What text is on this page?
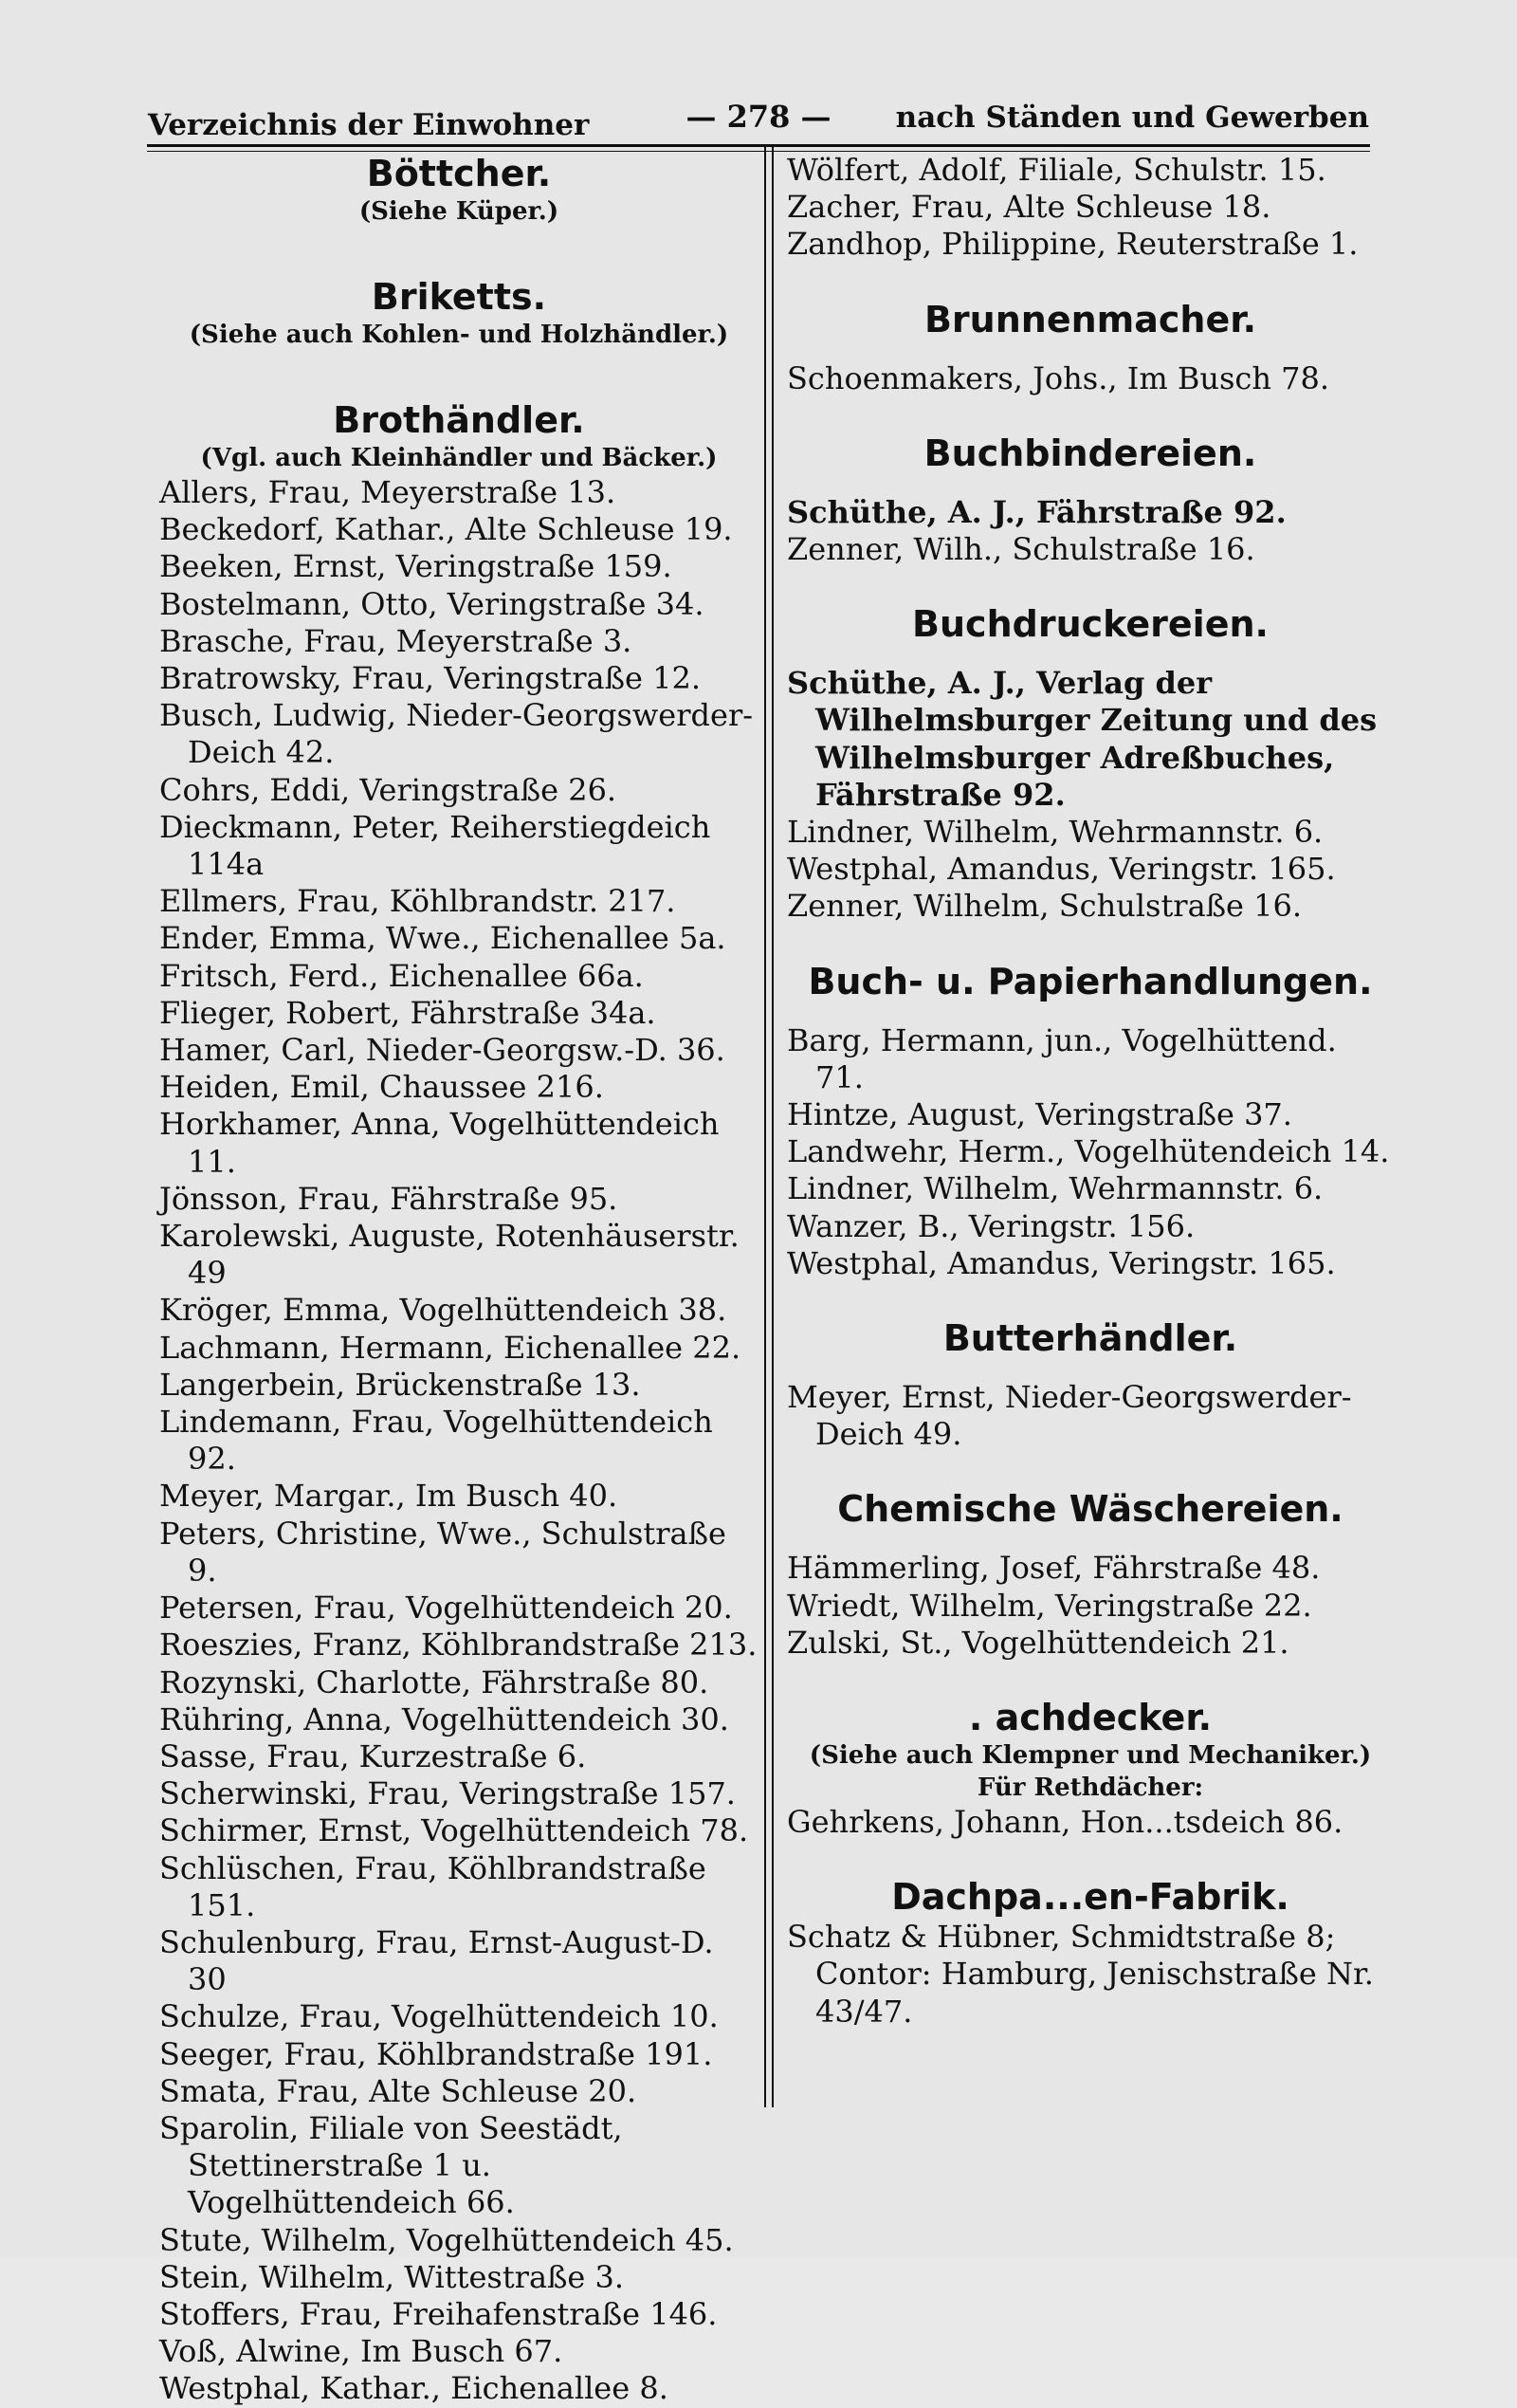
Verzeichnis der Einwohner	— 278 —	nach Ständen und Gewerben

Böttcher.

(Siehe Küper.)

Briketts.

(Siehe auch Kohlen- und Holzhändler.)

Brothändler.

(Vgl. auch Kleinhändler und Bäcker.)

Allers, Frau, Meyerstraße 13.

Beckedorf, Kathar., Alte Schleuse 19.

Beeken, Ernst, Veringstraße 159.

Bostelmann, Otto, Veringstraße 34.

Brasche, Frau, Meyerstraße 3.

Bratrowsky, Frau, Veringstraße 12.

Busch, Ludwig, Nieder-Georgswerder-Deich 42.

Cohrs, Eddi, Veringstraße 26.

Dieckmann, Peter, Reiherstiegdeich 114a

Ellmers, Frau, Köhlbrandstr. 217.

Ender, Emma, Wwe., Eichenallee 5a.

Fritsch, Ferd., Eichenallee 66a.

Flieger, Robert, Fährstraße 34a.

Hamer, Carl, Nieder-Georgsw.-D. 36.

Heiden, Emil, Chaussee 216.

Horkhamer, Anna, Vogelhüttendeich 11.

Jönsson, Frau, Fährstraße 95.

Karolewski, Auguste, Rotenhäuserstr. 49

Kröger, Emma, Vogelhüttendeich 38.

Lachmann, Hermann, Eichenallee 22.

Langerbein, Brückenstraße 13.

Lindemann, Frau, Vogelhüttendeich 92.

Meyer, Margar., Im Busch 40.

Peters, Christine, Wwe., Schulstraße 9.

Petersen, Frau, Vogelhüttendeich 20.

Roeszies, Franz, Köhlbrandstraße 213.

Rozynski, Charlotte, Fährstraße 80.

Rühring, Anna, Vogelhüttendeich 30.

Sasse, Frau, Kurzestraße 6.

Scherwinski, Frau, Veringstraße 157.

Schirmer, Ernst, Vogelhüttendeich 78.

Schlüschen, Frau, Köhlbrandstraße 151.

Schulenburg, Frau, Ernst-August-D. 30

Schulze, Frau, Vogelhüttendeich 10.

Seeger, Frau, Köhlbrandstraße 191.

Smata, Frau, Alte Schleuse 20.

Sparolin, Filiale von Seestädt, Stettinerstraße 1 u. Vogelhüttendeich 66.

Stute, Wilhelm, Vogelhüttendeich 45.

Stein, Wilhelm, Wittestraße 3.

Stoffers, Frau, Freihafenstraße 146.

Voß, Alwine, Im Busch 67.

Westphal, Kathar., Eichenallee 8.

Wölfert, Adolf, Filiale, Schulstr. 15.

Zacher, Frau, Alte Schleuse 18.

Zandhop, Philippine, Reuterstraße 1.

Brunnenmacher.

Schoenmakers, Johs., Im Busch 78.

Buchbindereien.

Schüthe, A. J., Fährstraße 92.

Zenner, Wilh., Schulstraße 16.

Buchdruckereien.

Schüthe, A. J., Verlag der Wilhelmsburger Zeitung und des Wilhelmsburger Adreßbuches, Fährstraße 92.

Lindner, Wilhelm, Wehrmannstr. 6.

Westphal, Amandus, Veringstr. 165.

Zenner, Wilhelm, Schulstraße 16.

Buch- u. Papierhandlungen.

Barg, Hermann, jun., Vogelhüttend. 71.

Hintze, August, Veringstraße 37.

Landwehr, Herm., Vogelhütendeich 14.

Lindner, Wilhelm, Wehrmannstr. 6.

Wanzer, B., Veringstr. 156.

Westphal, Amandus, Veringstr. 165.

Butterhändler.

Meyer, Ernst, Nieder-Georgswerder-Deich 49.

Chemische Wäschereien.

Hämmerling, Josef, Fährstraße 48.

Wriedt, Wilhelm, Veringstraße 22.

Zulski, St., Vogelhüttendeich 21.

. achdecker.

(Siehe auch Klempner und Mechaniker.)

Für Rethdächer:

Gehrkens, Johann, Hon...tsdeich 86.

Dachpa...en-Fabrik.

Schatz & Hübner, Schmidtstraße 8; Contor: Hamburg, Jenischstraße Nr. 43/47.
